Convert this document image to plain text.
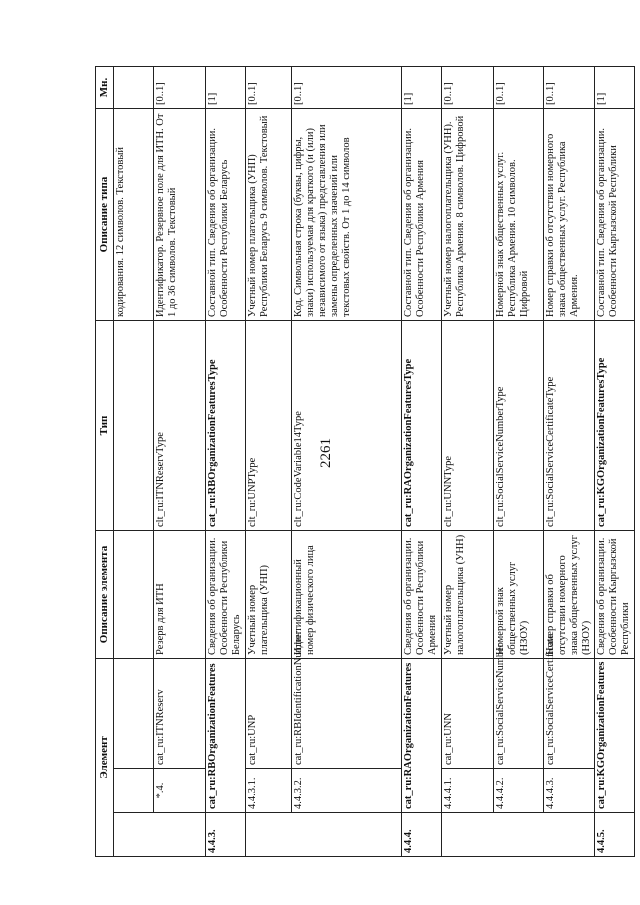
2261
Элемент			Описание элемента	Тип	Описание типа	Мн.
					кодирования. 12 символов. Текстовый	
	*.4.	cat_ru:ITNReserv	Резерв для ИТН	clt_ru:ITNReservType	Идентификатор. Резервное поле для ИТН. От 1 до 36 символов. Текстовый	[0..1]
4.4.3.	cat_ru:RBOrganizationFeatures		Сведения об организации. Особенности Республики Беларусь	cat_ru:RBOrganizationFeaturesType	Составной тип. Сведения об организации. Особенности Республики Беларусь	[1]
	4.4.3.1.	cat_ru:UNP	Учетный номер плательщика (УНП)	clt_ru:UNPType	Учетный номер плательщика (УНП) Республики Беларусь 9 символов. Текстовый	[0..1]
	4.4.3.2.	cat_ru:RBIdentificationNumber	Идентификационный номер физического лица	clt_ru:CodeVariable14Type	Код. Символьная строка (буквы, цифры, знаки) используемая для краткого (и (или) независимого от языка) представления или замены определенных значений или текстовых свойств. От 1 до 14 символов	[0..1]
4.4.4.	cat_ru:RAOrganizationFeatures		Сведения об организации. Особенности Республики Армения	cat_ru:RAOrganizationFeaturesType	Составной тип. Сведения об организации. Особенности Республики Армения	[1]
	4.4.4.1.	cat_ru:UNN	Учетный номер налогоплательщика (УНН)	clt_ru:UNNType	Учетный номер налогоплательщика (УНН). Республика Армения. 8 символов. Цифровой	[0..1]
	4.4.4.2.	cat_ru:SocialServiceNumber	Номерной знак общественных услуг (НЗОУ)	clt_ru:SocialServiceNumberType	Номерной знак общественных услуг. Республика Армения. 10 символов. Цифровой	[0..1]
	4.4.4.3.	cat_ru:SocialServiceCertificate	Номер справки об отсутствии номерного знака общественных услуг (НЗОУ)	clt_ru:SocialServiceCertificateType	Номер справки об отсутствии номерного знака общественных услуг. Республика Армения.	[0..1]
4.4.5.	cat_ru:KGOrganizationFeatures		Сведения об организации. Особенности Кыргызской Республики	cat_ru:KGOrganizationFeaturesType	Составной тип. Сведения об организации. Особенности Кыргызской Республики	[1]
